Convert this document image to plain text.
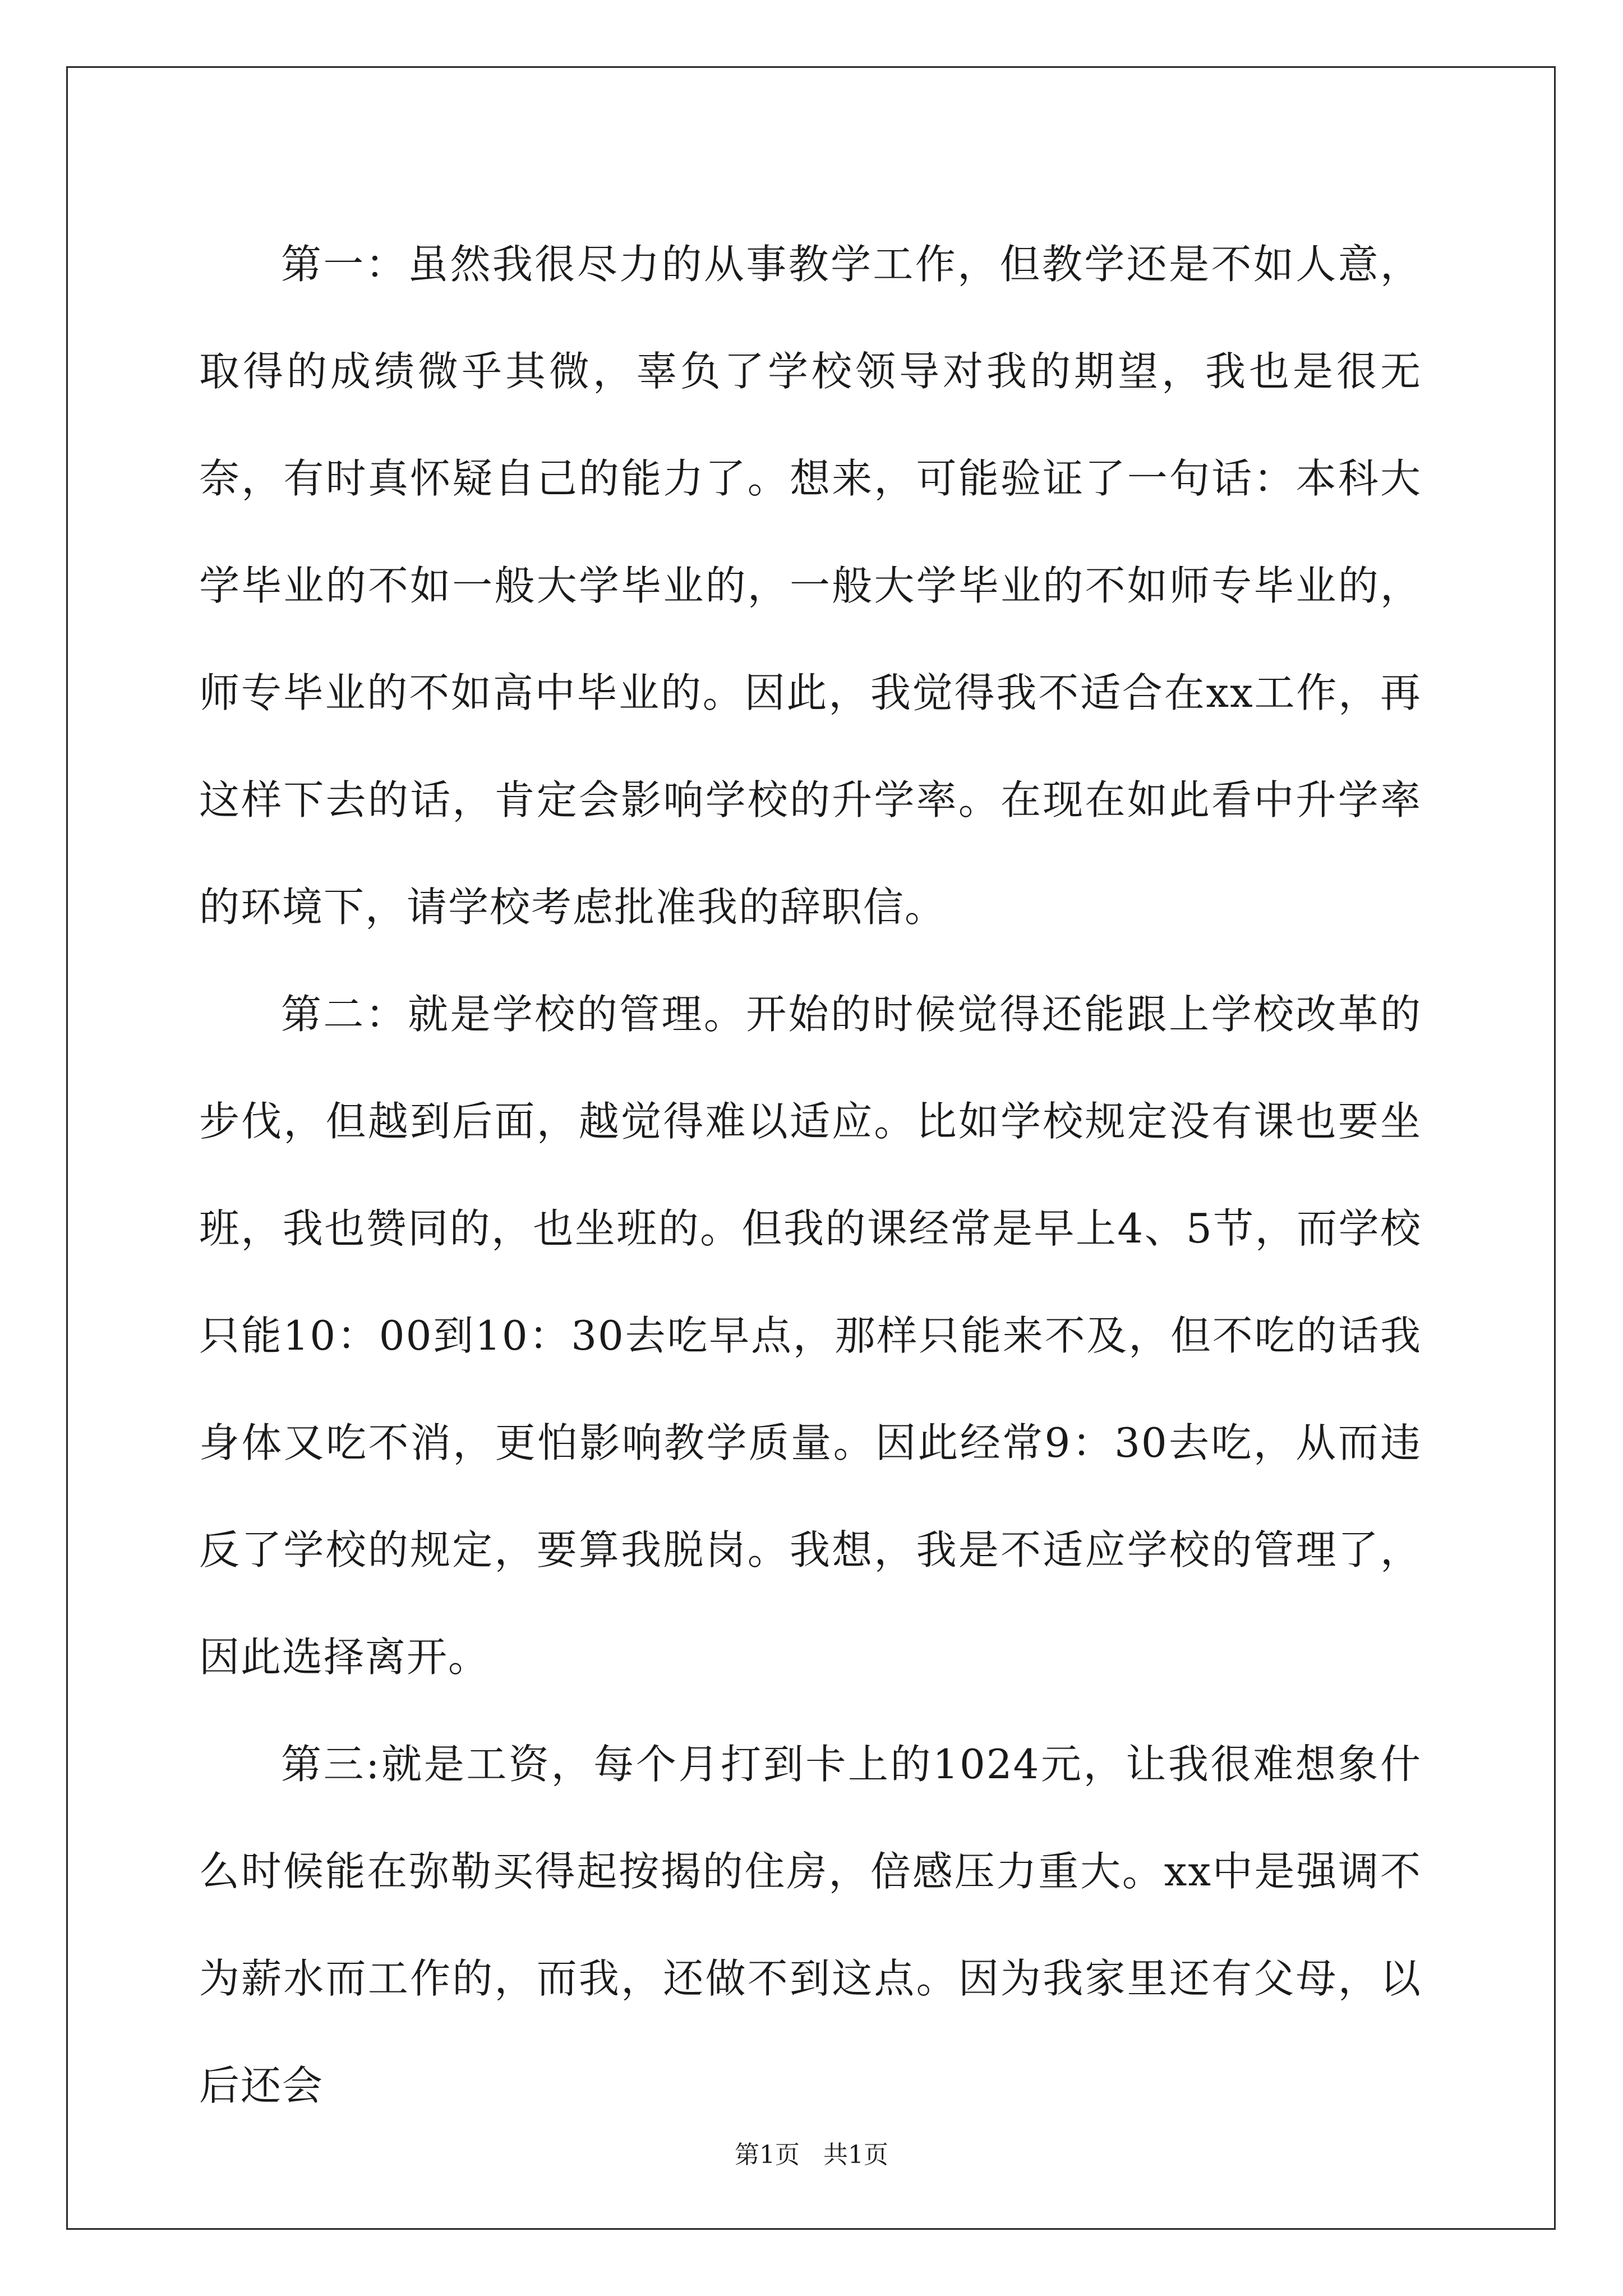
第一：虽然我很尽力的从事教学工作，但教学还是不如人意，取得的成绩微乎其微，辜负了学校领导对我的期望，我也是很无奈，有时真怀疑自己的能力了。想来，可能验证了一句话：本科大学毕业的不如一般大学毕业的，一般大学毕业的不如师专毕业的，师专毕业的不如高中毕业的。因此，我觉得我不适合在xx工作，再这样下去的话，肯定会影响学校的升学率。在现在如此看中升学率的环境下，请学校考虑批准我的辞职信。

第二：就是学校的管理。开始的时候觉得还能跟上学校改革的步伐，但越到后面，越觉得难以适应。比如学校规定没有课也要坐班，我也赞同的，也坐班的。但我的课经常是早上4、5节，而学校只能10：00到10：30去吃早点，那样只能来不及，但不吃的话我身体又吃不消，更怕影响教学质量。因此经常9：30去吃，从而违反了学校的规定，要算我脱岗。我想，我是不适应学校的管理了，因此选择离开。

第三:就是工资，每个月打到卡上的1024元，让我很难想象什么时候能在弥勒买得起按揭的住房，倍感压力重大。xx中是强调不为薪水而工作的，而我，还做不到这点。因为我家里还有父母，以后还会

第1页 共1页
